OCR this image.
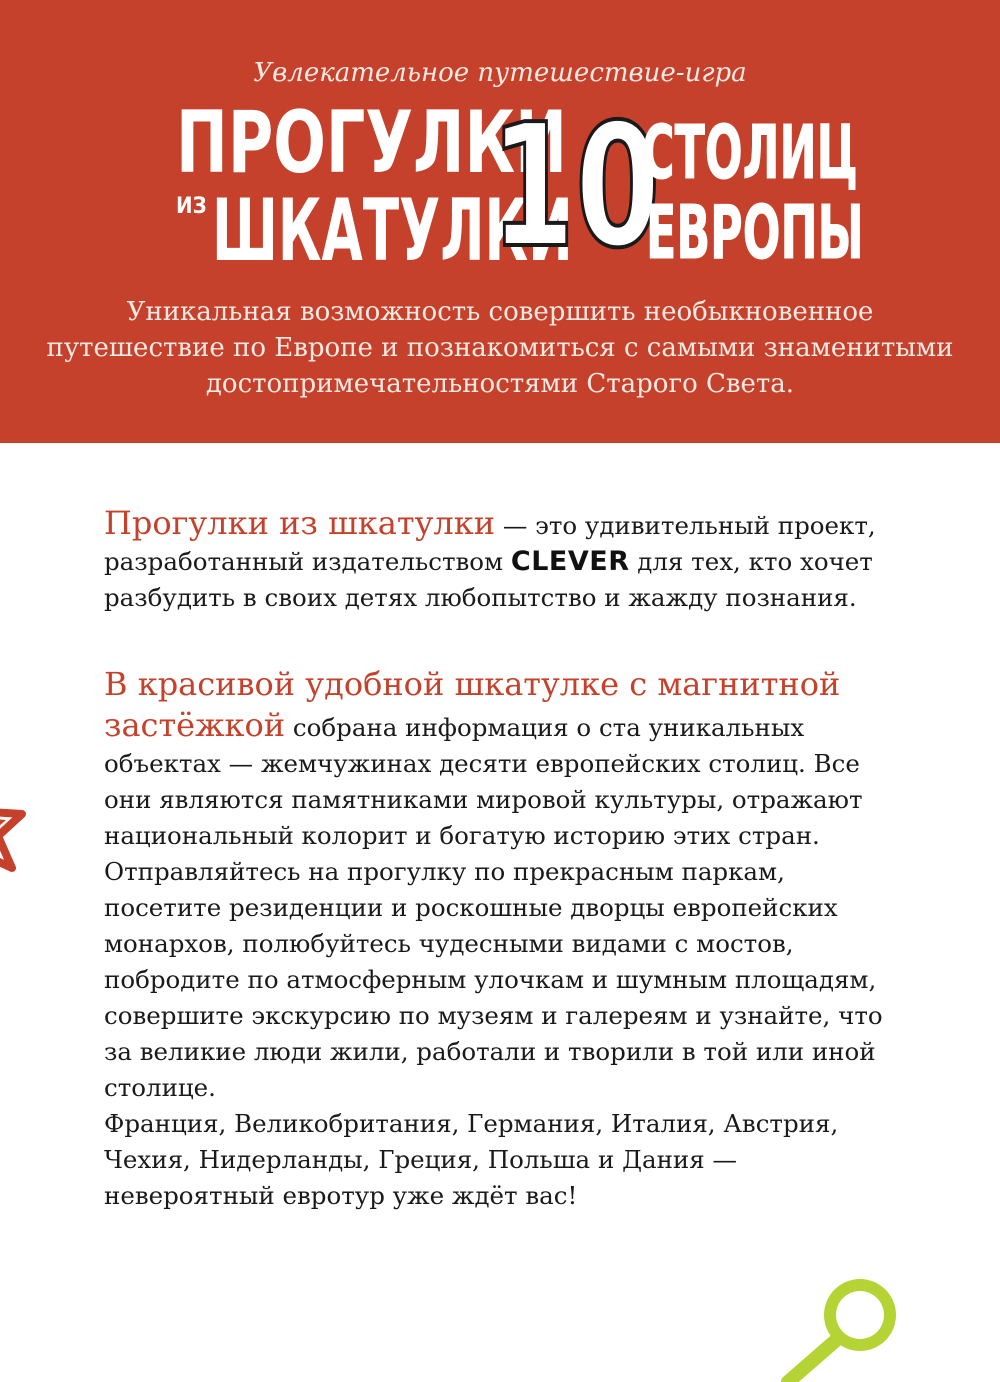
Увлекательное путешествие-игра
ПРОГУЛКИ
ИЗ ШКАТУЛКИ
10
СТОЛИЦ
ЕВРОПЫ
Уникальная возможность совершить необыкновенное путешествие по Европе и познакомиться с самыми знаменитыми достопримечательностями Старого Света.

Прогулки из шкатулки — это удивительный проект, разработанный издательством CLEVER для тех, кто хочет разбудить в своих детях любопытство и жажду познания.

В красивой удобной шкатулке с магнитной застёжкой собрана информация о ста уникальных объектах — жемчужинах десяти европейских столиц. Все они являются памятниками мировой культуры, отражают национальный колорит и богатую историю этих стран. Отправляйтесь на прогулку по прекрасным паркам, посетите резиденции и роскошные дворцы европейских монархов, полюбуйтесь чудесными видами с мостов, побродите по атмосферным улочкам и шумным площадям, совершите экскурсию по музеям и галереям и узнайте, что за великие люди жили, работали и творили в той или иной столице.

Франция, Великобритания, Германия, Италия, Австрия, Чехия, Нидерланды, Греция, Польша и Дания — невероятный евротур уже ждёт вас!
